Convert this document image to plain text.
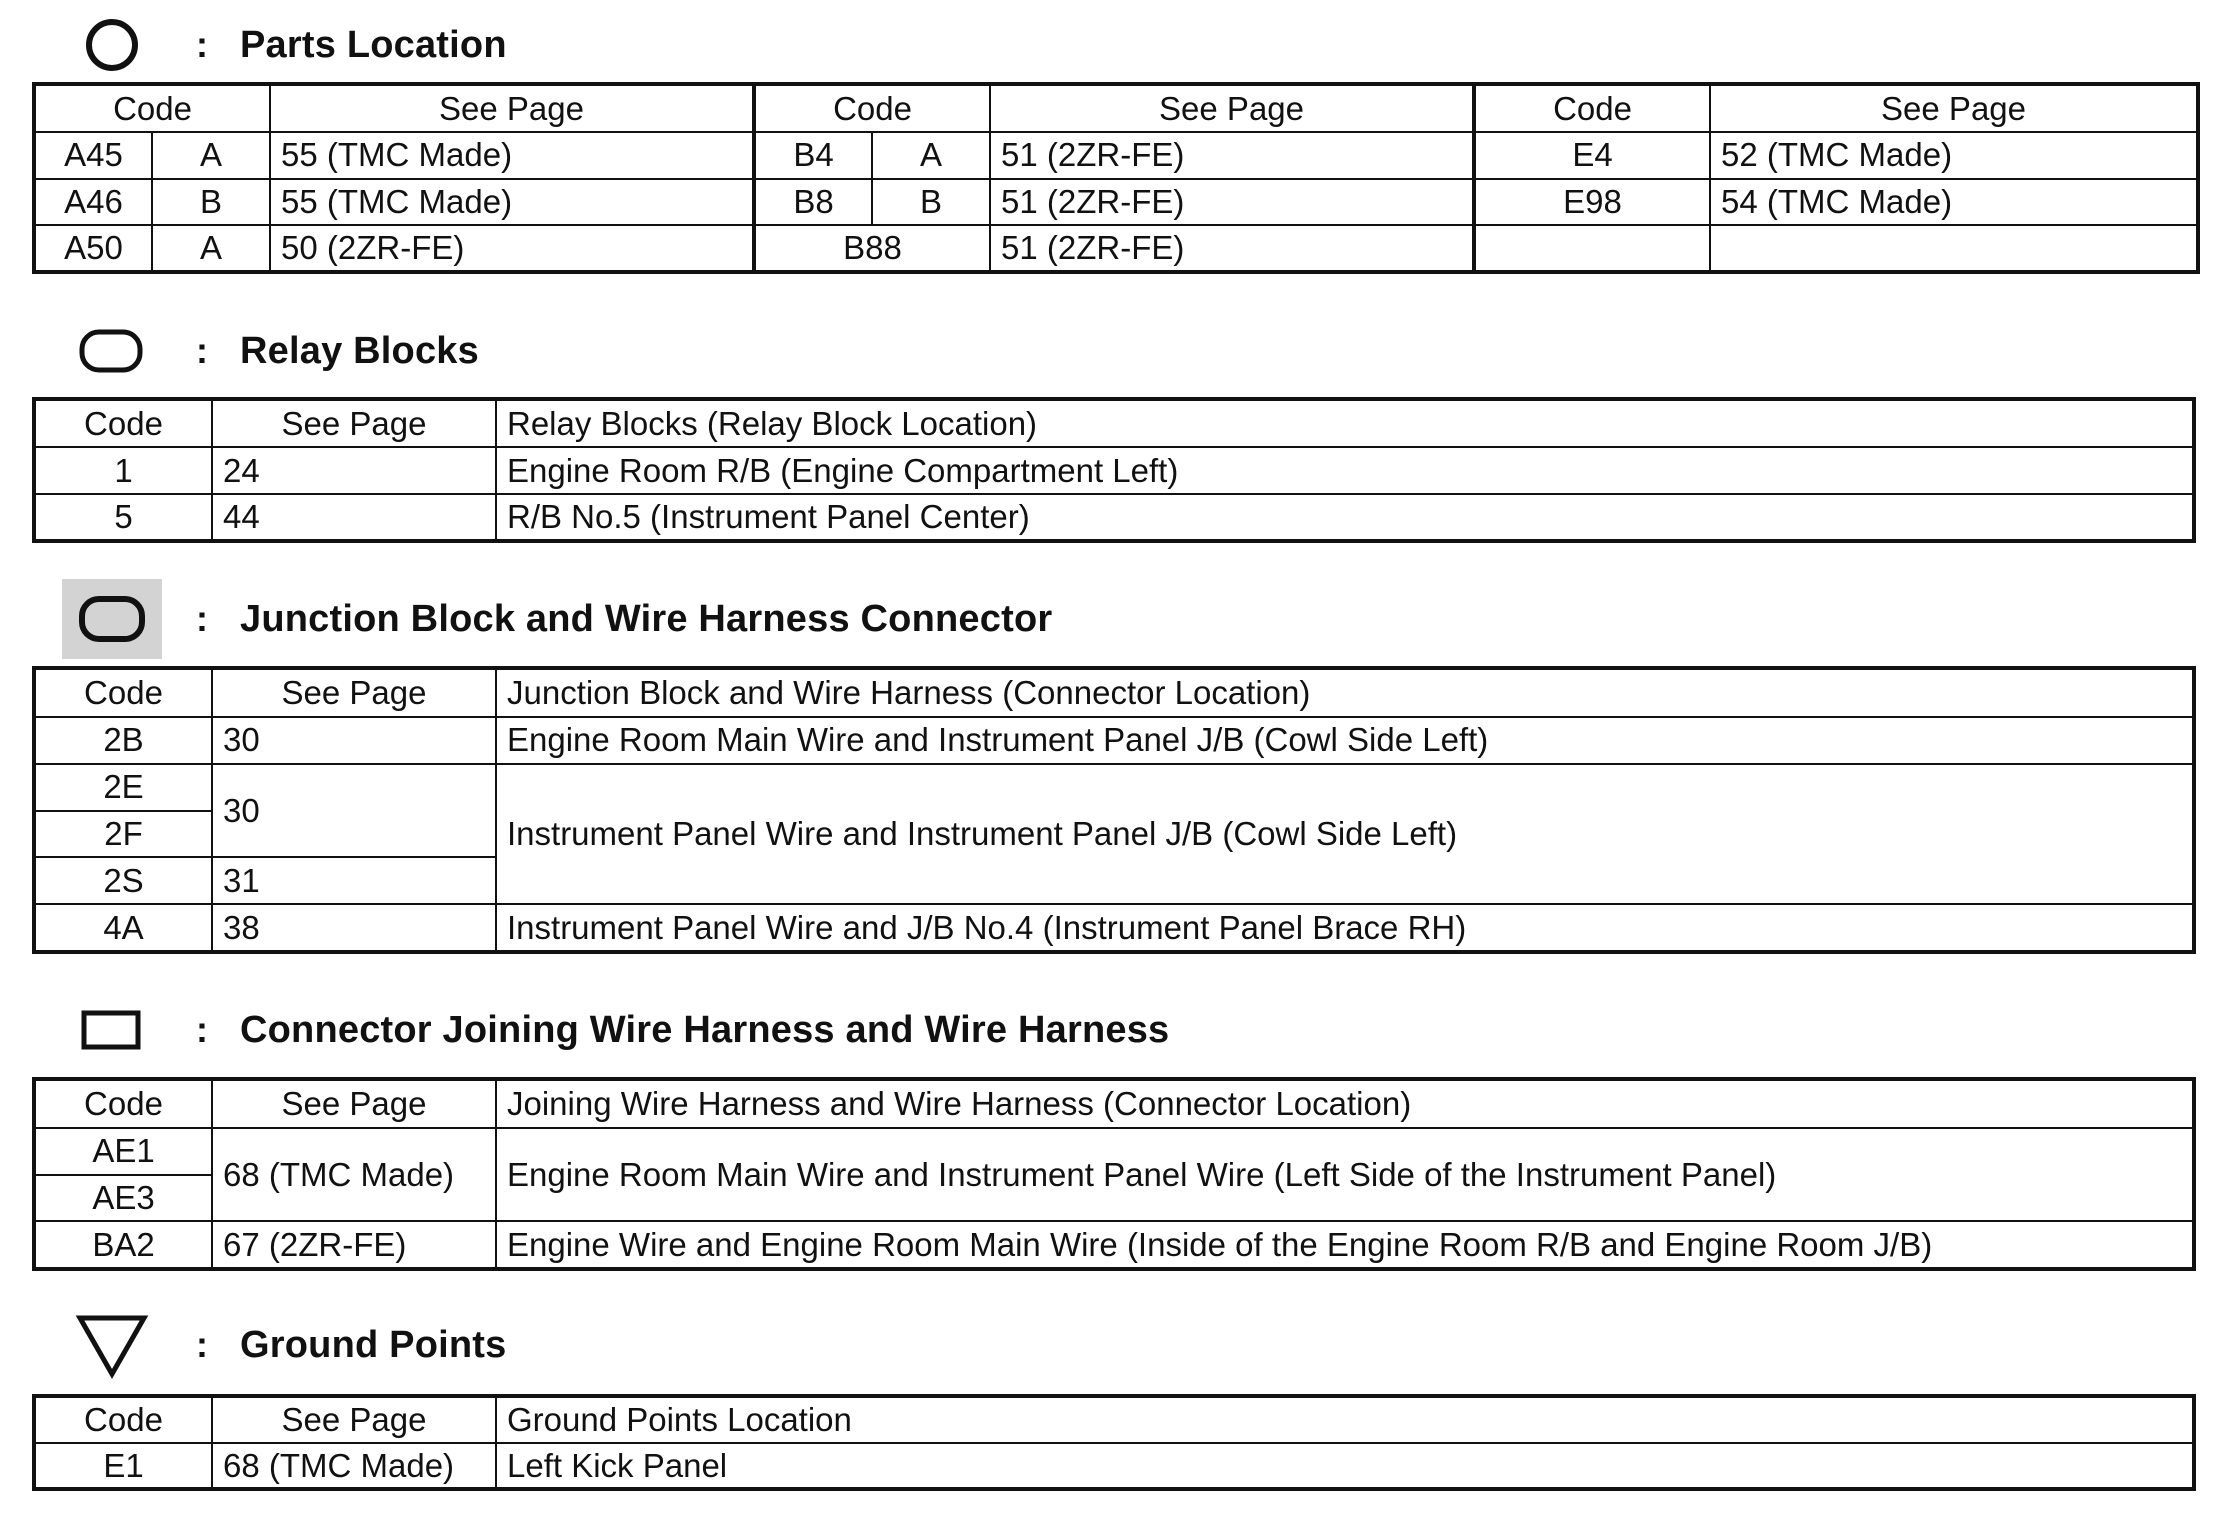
: Parts Location
Code		See Page	Code		See Page	Code	See Page
A45	A	55 (TMC Made)	B4	A	51 (2ZR-FE)	E4	52 (TMC Made)
A46	B	55 (TMC Made)	B8	B	51 (2ZR-FE)	E98	54 (TMC Made)
A50	A	50 (2ZR-FE)	B88		51 (2ZR-FE)		
: Relay Blocks
Code	See Page	Relay Blocks (Relay Block Location)
1	24	Engine Room R/B (Engine Compartment Left)
5	44	R/B No.5 (Instrument Panel Center)
: Junction Block and Wire Harness Connector
Code	See Page	Junction Block and Wire Harness (Connector Location)
2B	30	Engine Room Main Wire and Instrument Panel J/B (Cowl Side Left)
2E	30	Instrument Panel Wire and Instrument Panel J/B (Cowl Side Left)
2F		
2S	31	
4A	38	Instrument Panel Wire and J/B No.4 (Instrument Panel Brace RH)
: Connector Joining Wire Harness and Wire Harness
Code	See Page	Joining Wire Harness and Wire Harness (Connector Location)
AE1	68 (TMC Made)	Engine Room Main Wire and Instrument Panel Wire (Left Side of the Instrument Panel)
AE3		
BA2	67 (2ZR-FE)	Engine Wire and Engine Room Main Wire (Inside of the Engine Room R/B and Engine Room J/B)
: Ground Points
Code	See Page	Ground Points Location
E1	68 (TMC Made)	Left Kick Panel
